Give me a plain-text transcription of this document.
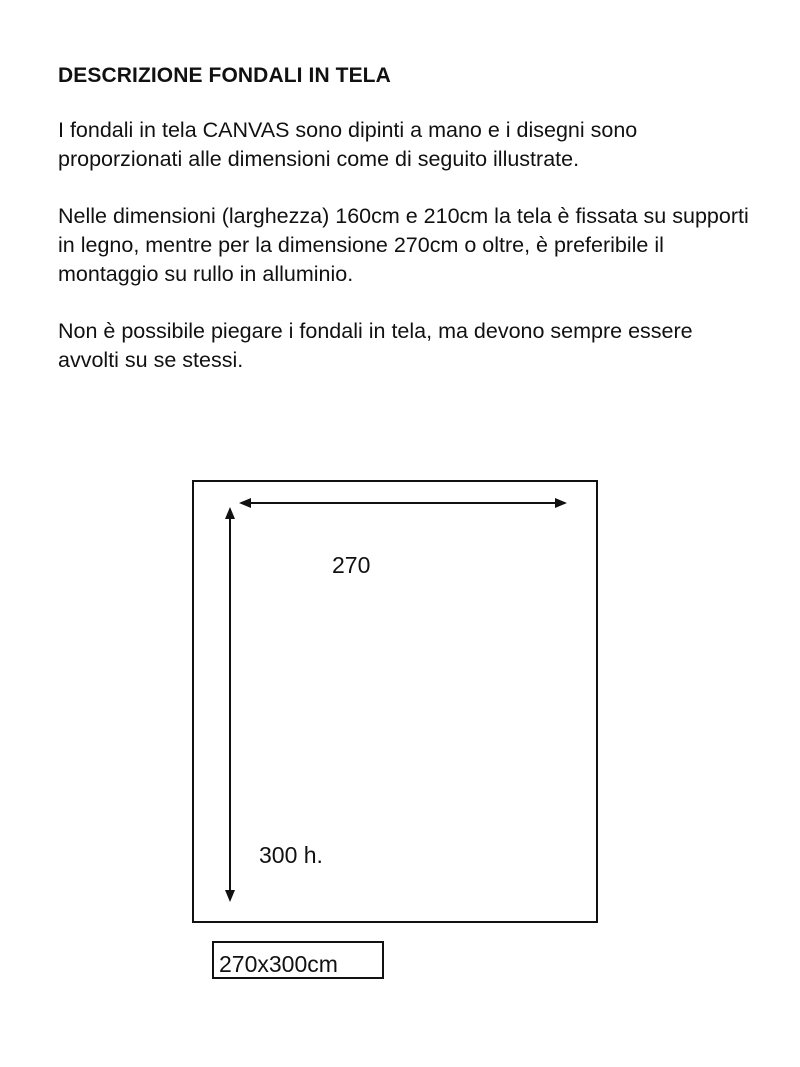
DESCRIZIONE FONDALI IN TELA

I fondali in tela CANVAS sono dipinti a mano e i disegni sono proporzionati alle dimensioni come di seguito illustrate.

Nelle dimensioni (larghezza) 160cm e 210cm la tela è fissata su supporti in legno, mentre per la dimensione 270cm o oltre, è preferibile il montaggio su rullo in alluminio.

Non è possibile piegare i fondali in tela, ma devono sempre essere avvolti su se stessi.

270
300 h.
270x300cm
